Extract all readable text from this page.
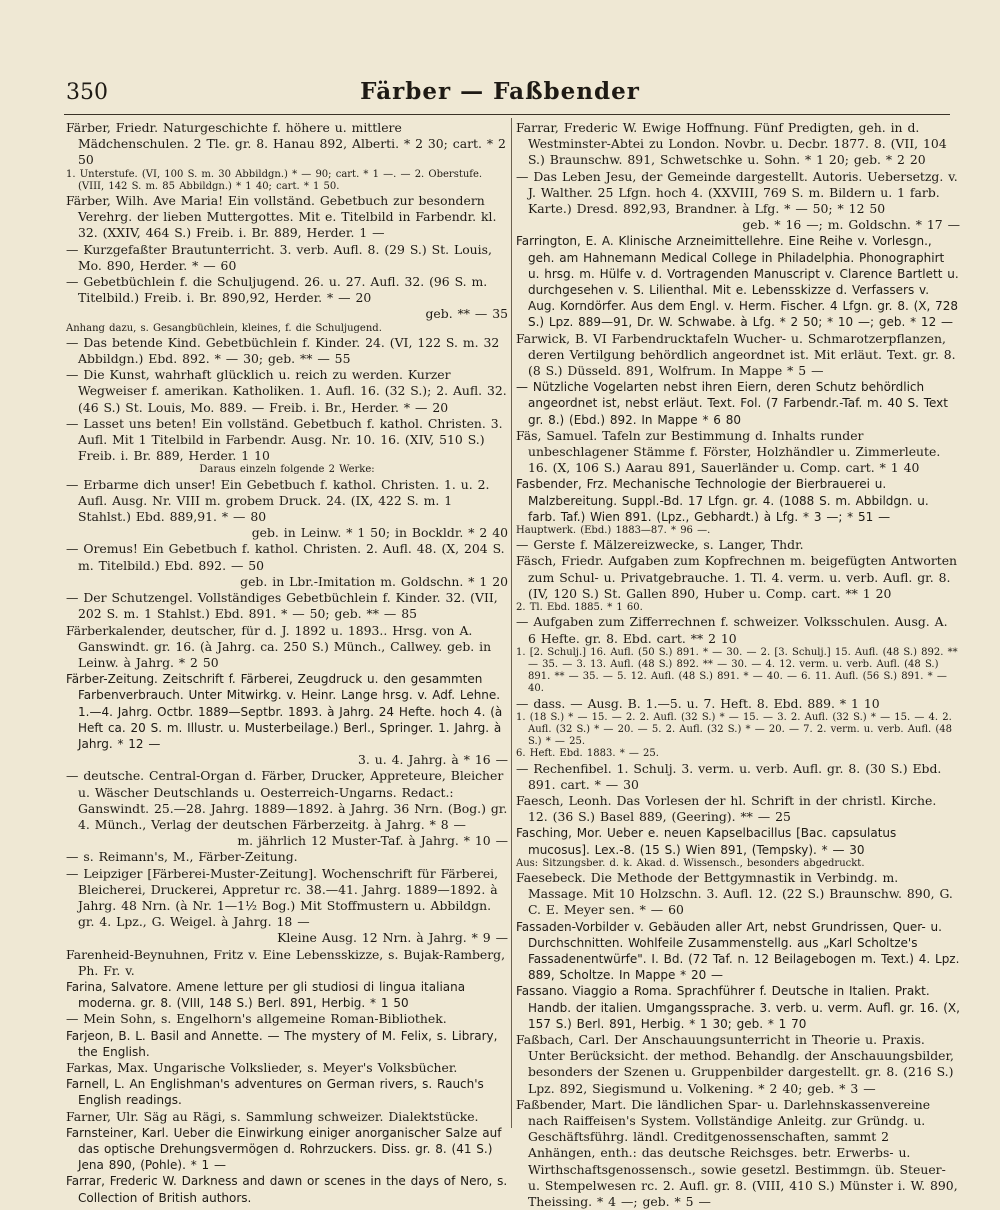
350	Färber — Faßbender

Färber, Friedr. Naturgeschichte f. höhere u. mittlere Mädchenschulen. 2 Tle. gr. 8. Hanau 892, Alberti. * 2 30; cart. * 2 50

1. Unterstufe. (VI, 100 S. m. 30 Abbildgn.) * — 90; cart. * 1 —. — 2. Oberstufe. (VIII, 142 S. m. 85 Abbildgn.) * 1 40; cart. * 1 50.

Färber, Wilh. Ave Maria! Ein vollständ. Gebetbuch zur besondern Verehrg. der lieben Muttergottes. Mit e. Titelbild in Farbendr. kl. 32. (XXIV, 464 S.) Freib. i. Br. 889, Herder. 1 —

— Kurzgefaßter Brautunterricht. 3. verb. Aufl. 8. (29 S.) St. Louis, Mo. 890, Herder. * — 60

— Gebetbüchlein f. die Schuljugend. 26. u. 27. Aufl. 32. (96 S. m. Titelbild.) Freib. i. Br. 890,92, Herder. * — 20

geb. ** — 35

Anhang dazu, s. Gesangbüchlein, kleines, f. die Schuljugend.

— Das betende Kind. Gebetbüchlein f. Kinder. 24. (VI, 122 S. m. 32 Abbildgn.) Ebd. 892. * — 30; geb. ** — 55

— Die Kunst, wahrhaft glücklich u. reich zu werden. Kurzer Wegweiser f. amerikan. Katholiken. 1. Aufl. 16. (32 S.); 2. Aufl. 32. (46 S.) St. Louis, Mo. 889. — Freib. i. Br., Herder. * — 20

— Lasset uns beten! Ein vollständ. Gebetbuch f. kathol. Christen. 3. Aufl. Mit 1 Titelbild in Farbendr. Ausg. Nr. 10. 16. (XIV, 510 S.) Freib. i. Br. 889, Herder. 1 10

Daraus einzeln folgende 2 Werke:

— Erbarme dich unser! Ein Gebetbuch f. kathol. Christen. 1. u. 2. Aufl. Ausg. Nr. VIII m. grobem Druck. 24. (IX, 422 S. m. 1 Stahlst.) Ebd. 889,91. * — 80

geb. in Leinw. * 1 50; in Bockldr. * 2 40

— Oremus! Ein Gebetbuch f. kathol. Christen. 2. Aufl. 48. (X, 204 S. m. Titelbild.) Ebd. 892. — 50

geb. in Lbr.-Imitation m. Goldschn. * 1 20

— Der Schutzengel. Vollständiges Gebetbüchlein f. Kinder. 32. (VII, 202 S. m. 1 Stahlst.) Ebd. 891. * — 50; geb. ** — 85

Färberkalender, deutscher, für d. J. 1892 u. 1893.. Hrsg. von A. Ganswindt. gr. 16. (à Jahrg. ca. 250 S.) Münch., Callwey. geb. in Leinw. à Jahrg. * 2 50

Färber-Zeitung. Zeitschrift f. Färberei, Zeugdruck u. den gesammten Farbenverbrauch. Unter Mitwirkg. v. Heinr. Lange hrsg. v. Adf. Lehne. 1.—4. Jahrg. Octbr. 1889—Septbr. 1893. à Jahrg. 24 Hefte. hoch 4. (à Heft ca. 20 S. m. Illustr. u. Musterbeilage.) Berl., Springer. 1. Jahrg. à Jahrg. * 12 —

3. u. 4. Jahrg. à * 16 —

— deutsche. Central-Organ d. Färber, Drucker, Appreteure, Bleicher u. Wäscher Deutschlands u. Oesterreich-Ungarns. Redact.: Ganswindt. 25.—28. Jahrg. 1889—1892. à Jahrg. 36 Nrn. (Bog.) gr. 4. Münch., Verlag der deutschen Färberzeitg. à Jahrg. * 8 —

m. jährlich 12 Muster-Taf. à Jahrg. * 10 —

— s. Reimann's, M., Färber-Zeitung.

— Leipziger [Färberei-Muster-Zeitung]. Wochenschrift für Färberei, Bleicherei, Druckerei, Appretur rc. 38.—41. Jahrg. 1889—1892. à Jahrg. 48 Nrn. (à Nr. 1—1½ Bog.) Mit Stoffmustern u. Abbildgn. gr. 4. Lpz., G. Weigel. à Jahrg. 18 —

Kleine Ausg. 12 Nrn. à Jahrg. * 9 —

Farenheid-Beynuhnen, Fritz v. Eine Lebensskizze, s. Bujak-Ramberg, Ph. Fr. v.

Farina, Salvatore. Amene letture per gli studiosi di lingua italiana moderna. gr. 8. (VIII, 148 S.) Berl. 891, Herbig. * 1 50

— Mein Sohn, s. Engelhorn's allgemeine Roman-Bibliothek.

Farjeon, B. L. Basil and Annette. — The mystery of M. Felix, s. Library, the English.

Farkas, Max. Ungarische Volkslieder, s. Meyer's Volksbücher.

Farnell, L. An Englishman's adventures on German rivers, s. Rauch's English readings.

Farner, Ulr. Säg au Rägi, s. Sammlung schweizer. Dialektstücke.

Farnsteiner, Karl. Ueber die Einwirkung einiger anorganischer Salze auf das optische Drehungsvermögen d. Rohrzuckers. Diss. gr. 8. (41 S.) Jena 890, (Pohle). * 1 —

Farrar, Frederic W. Darkness and dawn or scenes in the days of Nero, s. Collection of British authors.

Farrar, Frederic W. Ewige Hoffnung. Fünf Predigten, geh. in d. Westminster-Abtei zu London. Novbr. u. Decbr. 1877. 8. (VII, 104 S.) Braunschw. 891, Schwetschke u. Sohn. * 1 20; geb. * 2 20

— Das Leben Jesu, der Gemeinde dargestellt. Autoris. Uebersetzg. v. J. Walther. 25 Lfgn. hoch 4. (XXVIII, 769 S. m. Bildern u. 1 farb. Karte.) Dresd. 892,93, Brandner. à Lfg. * — 50; * 12 50

geb. * 16 —; m. Goldschn. * 17 —

Farrington, E. A. Klinische Arzneimittellehre. Eine Reihe v. Vorlesgn., geh. am Hahnemann Medical College in Philadelphia. Phonographirt u. hrsg. m. Hülfe v. d. Vortragenden Manuscript v. Clarence Bartlett u. durchgesehen v. S. Lilienthal. Mit e. Lebensskizze d. Verfassers v. Aug. Korndörfer. Aus dem Engl. v. Herm. Fischer. 4 Lfgn. gr. 8. (X, 728 S.) Lpz. 889—91, Dr. W. Schwabe. à Lfg. * 2 50; * 10 —; geb. * 12 —

Farwick, B. VI Farbendrucktafeln Wucher- u. Schmarotzerpflanzen, deren Vertilgung behördlich angeordnet ist. Mit erläut. Text. gr. 8. (8 S.) Düsseld. 891, Wolfrum. In Mappe * 5 —

— Nützliche Vogelarten nebst ihren Eiern, deren Schutz behördlich angeordnet ist, nebst erläut. Text. Fol. (7 Farbendr.-Taf. m. 40 S. Text gr. 8.) (Ebd.) 892. In Mappe * 6 80

Fäs, Samuel. Tafeln zur Bestimmung d. Inhalts runder unbeschlagener Stämme f. Förster, Holzhändler u. Zimmerleute. 16. (X, 106 S.) Aarau 891, Sauerländer u. Comp. cart. * 1 40

Fasbender, Frz. Mechanische Technologie der Bierbrauerei u. Malzbereitung. Suppl.-Bd. 17 Lfgn. gr. 4. (1088 S. m. Abbildgn. u. farb. Taf.) Wien 891. (Lpz., Gebhardt.) à Lfg. * 3 —; * 51 —

Hauptwerk. (Ebd.) 1883—87. * 96 —.

— Gerste f. Mälzereizwecke, s. Langer, Thdr.

Fäsch, Friedr. Aufgaben zum Kopfrechnen m. beigefügten Antworten zum Schul- u. Privatgebrauche. 1. Tl. 4. verm. u. verb. Aufl. gr. 8. (IV, 120 S.) St. Gallen 890, Huber u. Comp. cart. ** 1 20

2. Tl. Ebd. 1885. * 1 60.

— Aufgaben zum Zifferrechnen f. schweizer. Volksschulen. Ausg. A. 6 Hefte. gr. 8. Ebd. cart. ** 2 10

1. [2. Schulj.] 16. Aufl. (50 S.) 891. * — 30. — 2. [3. Schulj.] 15. Aufl. (48 S.) 892. ** — 35. — 3. 13. Aufl. (48 S.) 892. ** — 30. — 4. 12. verm. u. verb. Aufl. (48 S.) 891. ** — 35. — 5. 12. Aufl. (48 S.) 891. * — 40. — 6. 11. Aufl. (56 S.) 891. * — 40.

— dass. — Ausg. B. 1.—5. u. 7. Heft. 8. Ebd. 889. * 1 10

1. (18 S.) * — 15. — 2. 2. Aufl. (32 S.) * — 15. — 3. 2. Aufl. (32 S.) * — 15. — 4. 2. Aufl. (32 S.) * — 20. — 5. 2. Aufl. (32 S.) * — 20. — 7. 2. verm. u. verb. Aufl. (48 S.) * — 25.

6. Heft. Ebd. 1883. * — 25.

— Rechenfibel. 1. Schulj. 3. verm. u. verb. Aufl. gr. 8. (30 S.) Ebd. 891. cart. * — 30

Faesch, Leonh. Das Vorlesen der hl. Schrift in der christl. Kirche. 12. (36 S.) Basel 889, (Geering). ** — 25

Fasching, Mor. Ueber e. neuen Kapselbacillus [Bac. capsulatus mucosus]. Lex.-8. (15 S.) Wien 891, (Tempsky). * — 30

Aus: Sitzungsber. d. k. Akad. d. Wissensch., besonders abgedruckt.

Faesebeck. Die Methode der Bettgymnastik in Verbindg. m. Massage. Mit 10 Holzschn. 3. Aufl. 12. (22 S.) Braunschw. 890, G. C. E. Meyer sen. * — 60

Fassaden-Vorbilder v. Gebäuden aller Art, nebst Grundrissen, Quer- u. Durchschnitten. Wohlfeile Zusammenstellg. aus „Karl Scholtze's Fassadenentwürfe". I. Bd. (72 Taf. n. 12 Beilagebogen m. Text.) 4. Lpz. 889, Scholtze. In Mappe * 20 —

Fassano. Viaggio a Roma. Sprachführer f. Deutsche in Italien. Prakt. Handb. der italien. Umgangssprache. 3. verb. u. verm. Aufl. gr. 16. (X, 157 S.) Berl. 891, Herbig. * 1 30; geb. * 1 70

Faßbach, Carl. Der Anschauungsunterricht in Theorie u. Praxis. Unter Berücksicht. der method. Behandlg. der Anschauungsbilder, besonders der Szenen u. Gruppenbilder dargestellt. gr. 8. (216 S.) Lpz. 892, Siegismund u. Volkening. * 2 40; geb. * 3 —

Faßbender, Mart. Die ländlichen Spar- u. Darlehnskassenvereine nach Raiffeisen's System. Vollständige Anleitg. zur Gründg. u. Geschäftsführg. ländl. Creditgenossenschaften, sammt 2 Anhängen, enth.: das deutsche Reichsges. betr. Erwerbs- u. Wirthschaftsgenossensch., sowie gesetzl. Bestimmgn. üb. Steuer- u. Stempelwesen rc. 2. Aufl. gr. 8. (VIII, 410 S.) Münster i. W. 890, Theissing. * 4 —; geb. * 5 —
